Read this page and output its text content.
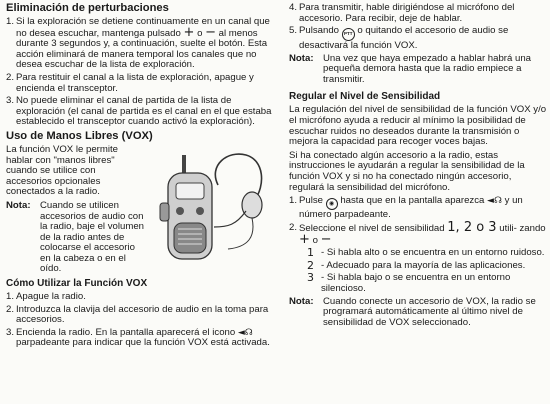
Eliminación de perturbaciones
1. Si la exploración se detiene continuamente en un canal que no desea escuchar, mantenga pulsado + o − al menos durante 3 segundos y, a continuación, suelte el botón. Esta acción eliminará de manera temporal los canales que no desea escuchar de la lista de exploración.
2. Para restituir el canal a la lista de exploración, apague y encienda el transceptor.
3. No puede eliminar el canal de partida de la lista de exploración (el canal de partida es el canal en el que estaba establecido el transceptor cuando activó la exploración).
Uso de Manos Libres (VOX)

La función VOX le permite hablar con "manos libres" cuando se utilice con accesorios opcionales conectados a la radio.

Nota: Cuando se utilicen accesorios de audio con la radio, baje el volumen de la radio antes de colocarse el accesorio en la cabeza o en el oído.
Cómo Utilizar la Función VOX
1. Apague la radio.
2. Introduzca la clavija del accesorio de audio en la toma para accesorios.
3. Encienda la radio. En la pantalla aparecerá el icono ◄☊ parpadeante para indicar que la función VOX está activada.
4. Para transmitir, hable dirigiéndose al micrófono del accesorio. Para recibir, deje de hablar.
5. Pulsando PTT o quitando el accesorio de audio se desactivará la función VOX.
Nota: Una vez que haya empezado a hablar habrá una pequeña demora hasta que la radio empiece a transmitir.
Regular el Nivel de Sensibilidad

La regulación del nivel de sensibilidad de la función VOX y/o el micrófono ayuda a reducir al mínimo la posibilidad de escuchar ruidos no deseados durante la transmisión o mejora la capacidad para recoger voces bajas.

Si ha conectado algún accesorio a la radio, estas instrucciones le ayudarán a regular la sensibilidad de la función VOX y si no ha conectado ningún accesorio, regulará la sensibilidad del micrófono.

1. Pulse ◉ hasta que en la pantalla aparezca ◄☊ y un número parpadeante.
2. Seleccione el nivel de sensibilidad 1, 2 o 3 utili- zando + o −
1 - Si habla alto o se encuentra en un entorno ruidoso.
2 - Adecuado para la mayoría de las aplicaciones.
3 - Si habla bajo o se encuentra en un entorno silencioso.
Nota: Cuando conecte un accesorio de VOX, la radio se programará automáticamente al último nivel de sensibilidad de VOX seleccionado.
